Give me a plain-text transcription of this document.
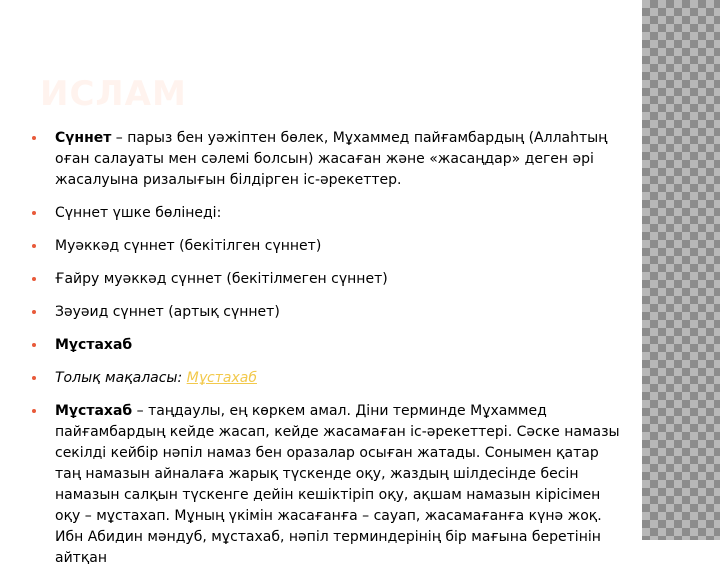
ИСЛАМ
Сүннет – парыз бен уәжіптен бөлек, Мұхаммед пайғамбардың (Аллаһтың оған салауаты мен сәлемі болсын) жасаған және «жасаңдар» деген әрі жасалуына ризалығын білдірген іс-әрекеттер.
Сүннет үшке бөлінеді:
Муәккәд сүннет (бекітілген сүннет)
Ғайру муәккәд сүннет (бекітілмеген сүннет)
Зәуәид сүннет (артық сүннет)
Мұстахаб
Толық мақаласы: Мұстахаб
Мұстахаб – таңдаулы, ең көркем амал. Діни терминде Мұхаммед пайғамбардың кейде жасап, кейде жасамаған іс-әрекеттері. Сәске намазы секілді кейбір нәпіл намаз бен оразалар осыған жатады. Сонымен қатар таң намазын айналаға жарық түскенде оқу, жаздың шілдесінде бесін намазын салқын түскенге дейін кешіктіріп оқу, ақшам намазын кірісімен оқу – мұстахап. Мұның үкімін жасағанға – сауап, жасамағанға күнә жоқ. Ибн Абидин мәндуб, мұстахаб, нәпіл терминдерінің бір мағына беретінін айтқан
